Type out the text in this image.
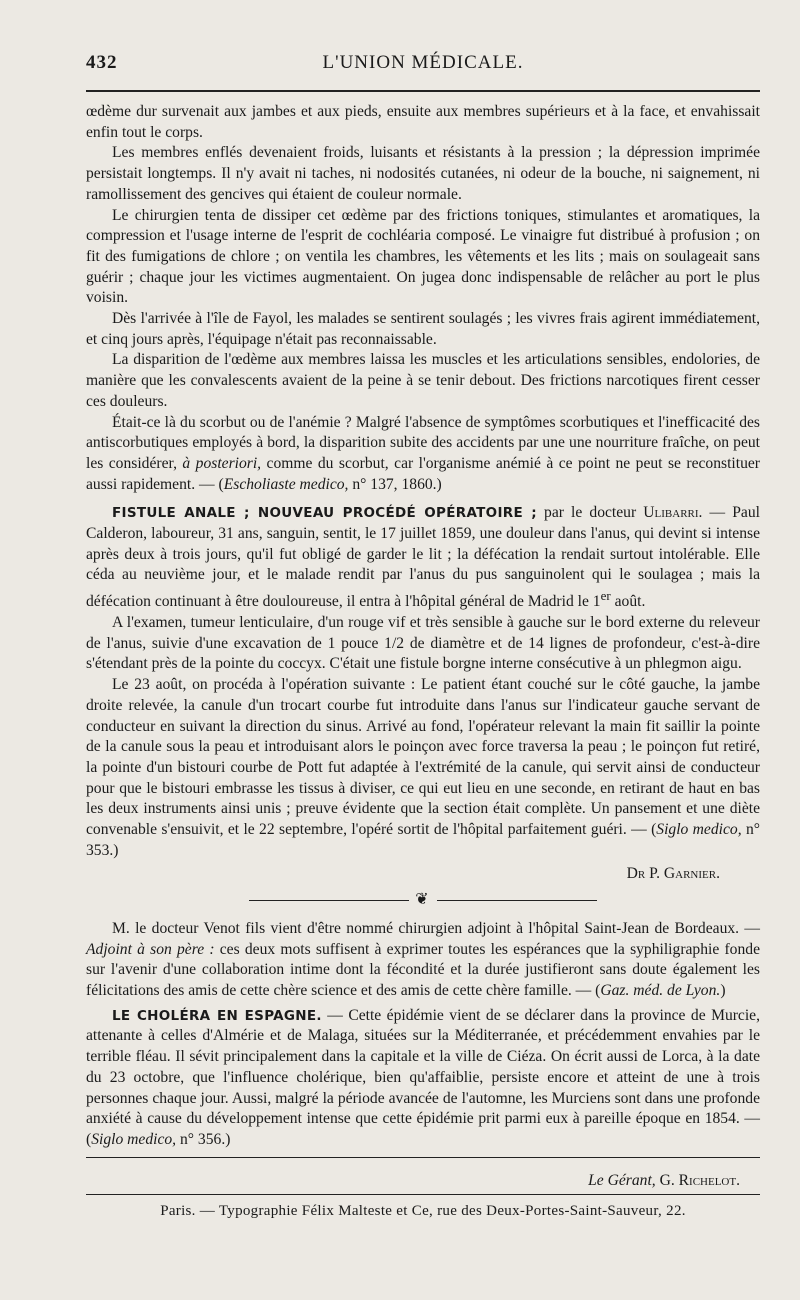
432	L'UNION MÉDICALE.

œdème dur survenait aux jambes et aux pieds, ensuite aux membres supérieurs et à la face, et envahissait enfin tout le corps.

Les membres enflés devenaient froids, luisants et résistants à la pression ; la dépression imprimée persistait longtemps. Il n'y avait ni taches, ni nodosités cutanées, ni odeur de la bouche, ni saignement, ni ramollissement des gencives qui étaient de couleur normale.

Le chirurgien tenta de dissiper cet œdème par des frictions toniques, stimulantes et aromatiques, la compression et l'usage interne de l'esprit de cochléaria composé. Le vinaigre fut distribué à profusion ; on fit des fumigations de chlore ; on ventila les chambres, les vêtements et les lits ; mais on soulageait sans guérir ; chaque jour les victimes augmentaient. On jugea donc indispensable de relâcher au port le plus voisin.

Dès l'arrivée à l'île de Fayol, les malades se sentirent soulagés ; les vivres frais agirent immédiatement, et cinq jours après, l'équipage n'était pas reconnaissable.

La disparition de l'œdème aux membres laissa les muscles et les articulations sensibles, endolories, de manière que les convalescents avaient de la peine à se tenir debout. Des frictions narcotiques firent cesser ces douleurs.

Était-ce là du scorbut ou de l'anémie ? Malgré l'absence de symptômes scorbutiques et l'inefficacité des antiscorbutiques employés à bord, la disparition subite des accidents par une une nourriture fraîche, on peut les considérer, à posteriori, comme du scorbut, car l'organisme anémié à ce point ne peut se reconstituer aussi rapidement. — (Escholiaste medico, n° 137, 1860.)

FISTULE ANALE ; NOUVEAU PROCÉDÉ OPÉRATOIRE ; par le docteur Ulibarri. — Paul Calderon, laboureur, 31 ans, sanguin, sentit, le 17 juillet 1859, une douleur dans l'anus, qui devint si intense après deux à trois jours, qu'il fut obligé de garder le lit ; la défécation la rendait surtout intolérable. Elle céda au neuvième jour, et le malade rendit par l'anus du pus sanguinolent qui le soulagea ; mais la défécation continuant à être douloureuse, il entra à l'hôpital général de Madrid le 1er août.

A l'examen, tumeur lenticulaire, d'un rouge vif et très sensible à gauche sur le bord externe du releveur de l'anus, suivie d'une excavation de 1 pouce 1/2 de diamètre et de 14 lignes de profondeur, c'est-à-dire s'étendant près de la pointe du coccyx. C'était une fistule borgne interne consécutive à un phlegmon aigu.

Le 23 août, on procéda à l'opération suivante : Le patient étant couché sur le côté gauche, la jambe droite relevée, la canule d'un trocart courbe fut introduite dans l'anus sur l'indicateur gauche servant de conducteur en suivant la direction du sinus. Arrivé au fond, l'opérateur relevant la main fit saillir la pointe de la canule sous la peau et introduisant alors le poinçon avec force traversa la peau ; le poinçon fut retiré, la pointe d'un bistouri courbe de Pott fut adaptée à l'extrémité de la canule, qui servit ainsi de conducteur pour que le bistouri embrasse les tissus à diviser, ce qui eut lieu en une seconde, en retirant de haut en bas les deux instruments ainsi unis ; preuve évidente que la section était complète. Un pansement et une diète convenable s'ensuivit, et le 22 septembre, l'opéré sortit de l'hôpital parfaitement guéri. — (Siglo medico, n° 353.)

Dr P. Garnier.
❦

M. le docteur Venot fils vient d'être nommé chirurgien adjoint à l'hôpital Saint-Jean de Bordeaux. — Adjoint à son père : ces deux mots suffisent à exprimer toutes les espérances que la syphiligraphie fonde sur l'avenir d'une collaboration intime dont la fécondité et la durée justifieront sans doute également les félicitations des amis de cette chère science et des amis de cette chère famille. — (Gaz. méd. de Lyon.)

LE CHOLÉRA EN ESPAGNE. — Cette épidémie vient de se déclarer dans la province de Murcie, attenante à celles d'Almérie et de Malaga, situées sur la Méditerranée, et précédemment envahies par le terrible fléau. Il sévit principalement dans la capitale et la ville de Ciéza. On écrit aussi de Lorca, à la date du 23 octobre, que l'influence cholérique, bien qu'affaiblie, persiste encore et atteint de une à trois personnes chaque jour. Aussi, malgré la période avancée de l'automne, les Murciens sont dans une profonde anxiété à cause du développement intense que cette épidémie prit parmi eux à pareille époque en 1854. — (Siglo medico, n° 356.)

Le Gérant, G. Richelot.
Paris. — Typographie Félix Malteste et Ce, rue des Deux-Portes-Saint-Sauveur, 22.
